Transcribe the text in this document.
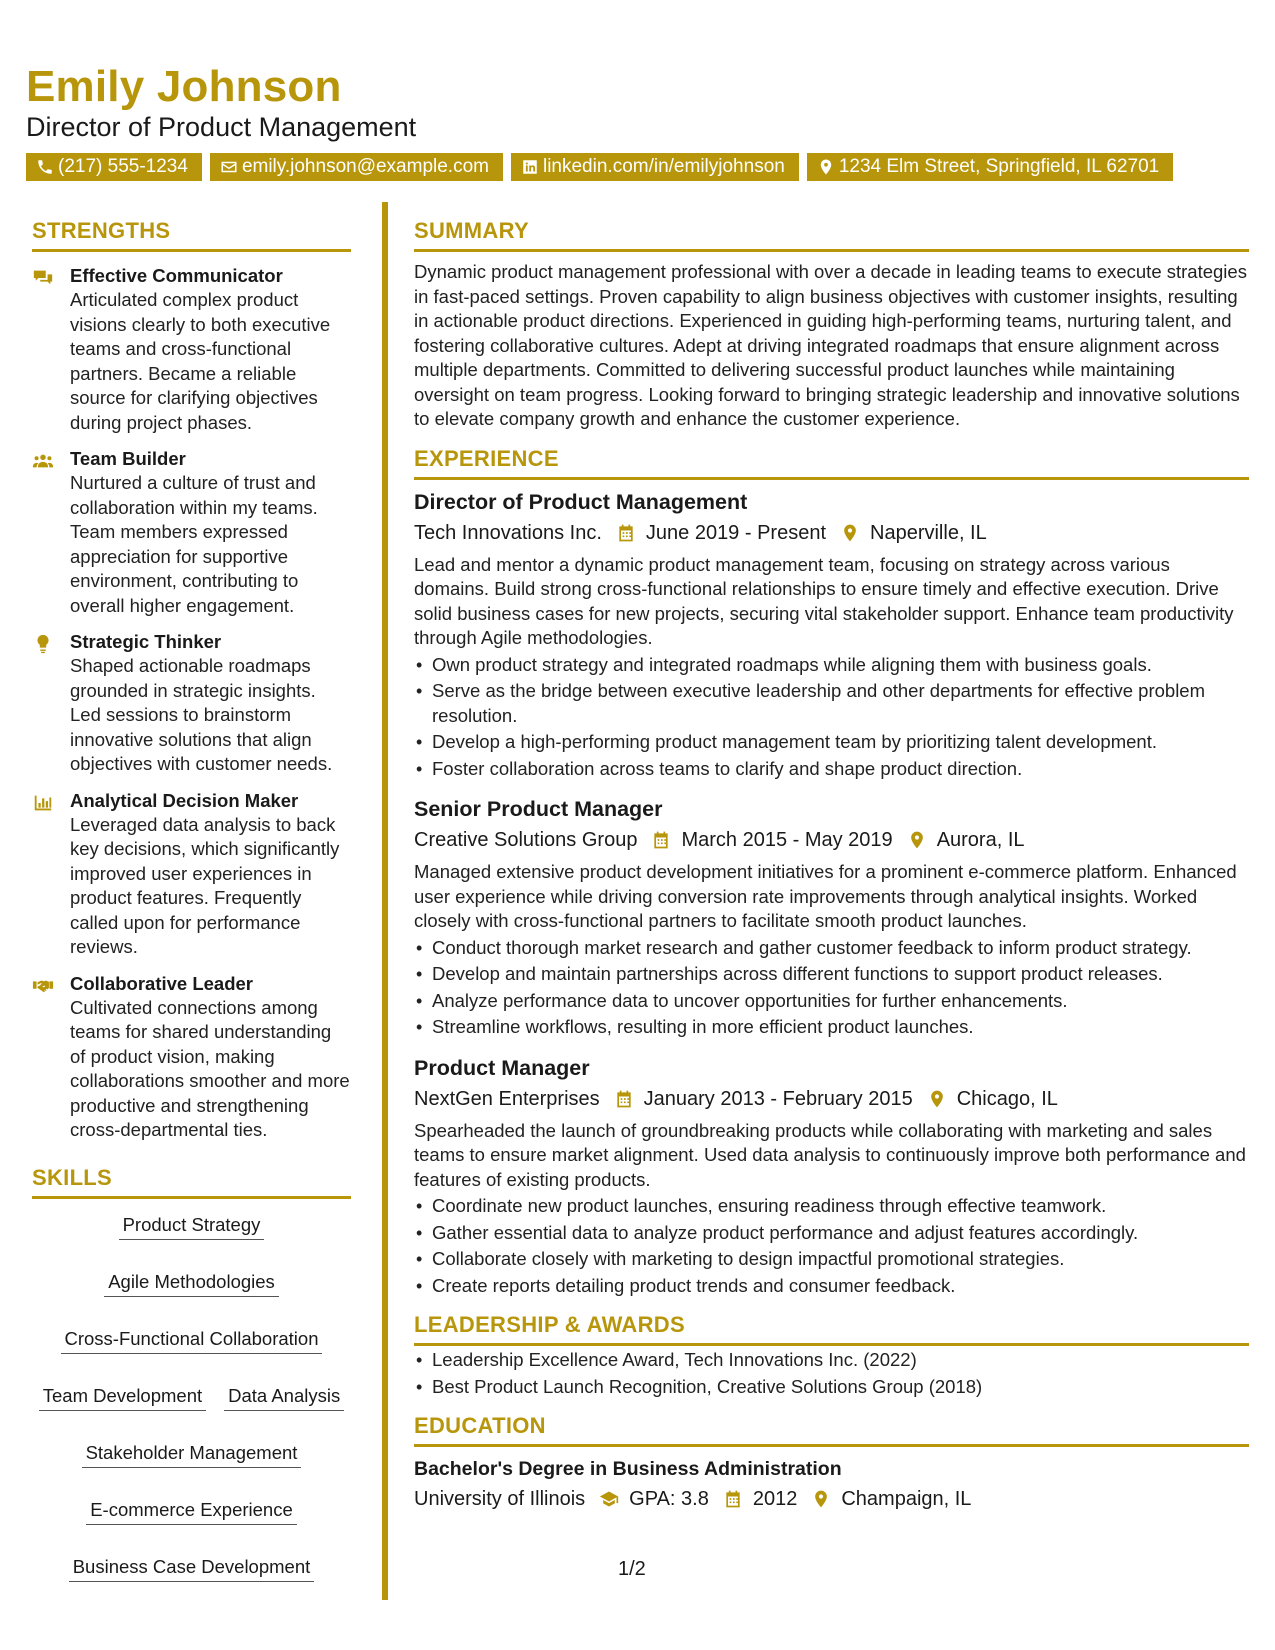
Emily Johnson
Director of Product Management
(217) 555-1234	emily.johnson@example.com	linkedin.com/in/emilyjohnson	1234 Elm Street, Springfield, IL 62701
STRENGTHS
Effective Communicator
Articulated complex product visions clearly to both executive teams and cross-functional partners. Became a reliable source for clarifying objectives during project phases.
Team Builder
Nurtured a culture of trust and collaboration within my teams. Team members expressed appreciation for supportive environment, contributing to overall higher engagement.
Strategic Thinker
Shaped actionable roadmaps grounded in strategic insights. Led sessions to brainstorm innovative solutions that align objectives with customer needs.
Analytical Decision Maker
Leveraged data analysis to back key decisions, which significantly improved user experiences in product features. Frequently called upon for performance reviews.
Collaborative Leader
Cultivated connections among teams for shared understanding of product vision, making collaborations smoother and more productive and strengthening cross-departmental ties.
SKILLS
Product Strategy
Agile Methodologies
Cross-Functional Collaboration
Team Development Data Analysis
Stakeholder Management
E-commerce Experience
Business Case Development
SUMMARY
Dynamic product management professional with over a decade in leading teams to execute strategies in fast-paced settings. Proven capability to align business objectives with customer insights, resulting in actionable product directions. Experienced in guiding high-performing teams, nurturing talent, and fostering collaborative cultures. Adept at driving integrated roadmaps that ensure alignment across multiple departments. Committed to delivering successful product launches while maintaining oversight on team progress. Looking forward to bringing strategic leadership and innovative solutions to elevate company growth and enhance the customer experience.
EXPERIENCE
Director of Product Management
Tech Innovations Inc. June 2019 - Present Naperville, IL
Lead and mentor a dynamic product management team, focusing on strategy across various domains. Build strong cross-functional relationships to ensure timely and effective execution. Drive solid business cases for new projects, securing vital stakeholder support. Enhance team productivity through Agile methodologies.
• Own product strategy and integrated roadmaps while aligning them with business goals.
• Serve as the bridge between executive leadership and other departments for effective problem resolution.
• Develop a high-performing product management team by prioritizing talent development.
• Foster collaboration across teams to clarify and shape product direction.
Senior Product Manager
Creative Solutions Group March 2015 - May 2019 Aurora, IL
Managed extensive product development initiatives for a prominent e-commerce platform. Enhanced user experience while driving conversion rate improvements through analytical insights. Worked closely with cross-functional partners to facilitate smooth product launches.
• Conduct thorough market research and gather customer feedback to inform product strategy.
• Develop and maintain partnerships across different functions to support product releases.
• Analyze performance data to uncover opportunities for further enhancements.
• Streamline workflows, resulting in more efficient product launches.
Product Manager
NextGen Enterprises January 2013 - February 2015 Chicago, IL
Spearheaded the launch of groundbreaking products while collaborating with marketing and sales teams to ensure market alignment. Used data analysis to continuously improve both performance and features of existing products.
• Coordinate new product launches, ensuring readiness through effective teamwork.
• Gather essential data to analyze product performance and adjust features accordingly.
• Collaborate closely with marketing to design impactful promotional strategies.
• Create reports detailing product trends and consumer feedback.
LEADERSHIP & AWARDS
• Leadership Excellence Award, Tech Innovations Inc. (2022)
• Best Product Launch Recognition, Creative Solutions Group (2018)
EDUCATION
Bachelor's Degree in Business Administration
University of Illinois GPA: 3.8 2012 Champaign, IL
1/2
